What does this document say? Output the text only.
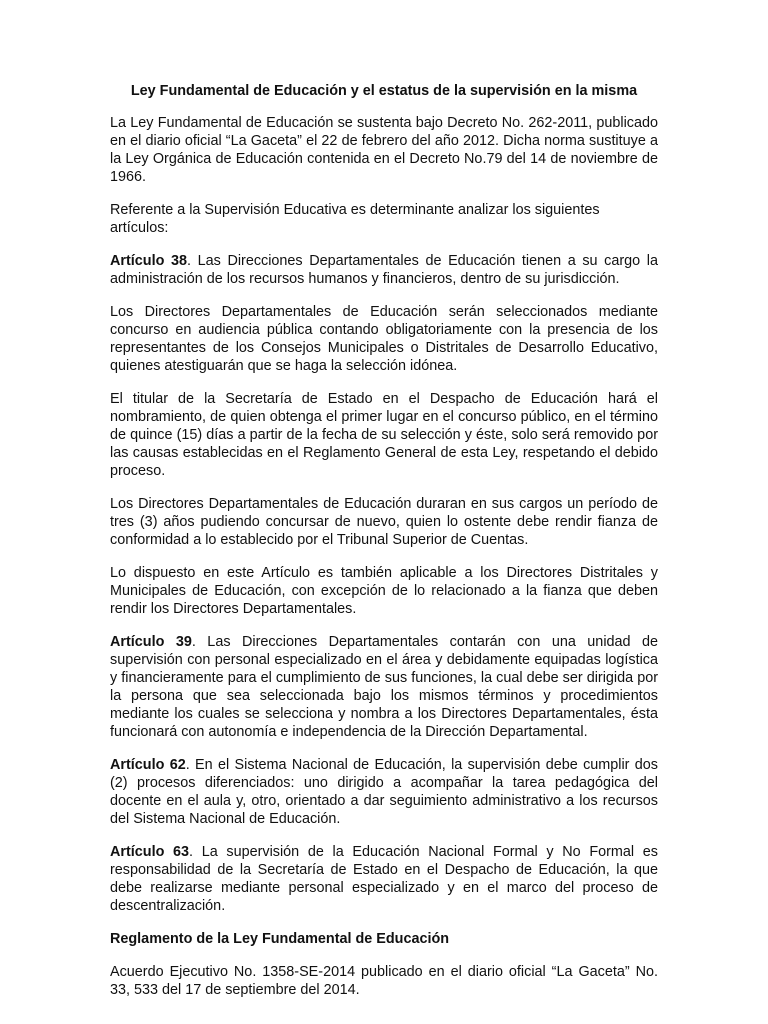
Ley Fundamental de Educación y el estatus de la supervisión en la misma

La Ley Fundamental de Educación se sustenta bajo Decreto No. 262-2011, publicado en el diario oficial “La Gaceta” el 22 de febrero del año 2012. Dicha norma sustituye a la Ley Orgánica de Educación contenida en el Decreto No.79 del 14 de noviembre de 1966.

Referente a la Supervisión Educativa es determinante analizar los siguientes artículos:

Artículo 38. Las Direcciones Departamentales de Educación tienen a su cargo la administración de los recursos humanos y financieros, dentro de su jurisdicción.

Los Directores Departamentales de Educación serán seleccionados mediante concurso en audiencia pública contando obligatoriamente con la presencia de los representantes de los Consejos Municipales o Distritales de Desarrollo Educativo, quienes atestiguarán que se haga la selección idónea.

El titular de la Secretaría de Estado en el Despacho de Educación hará el nombramiento, de quien obtenga el primer lugar en el concurso público, en el término de quince (15) días a partir de la fecha de su selección y éste, solo será removido por las causas establecidas en el Reglamento General de esta Ley, respetando el debido proceso.

Los Directores Departamentales de Educación duraran en sus cargos un período de tres (3) años pudiendo concursar de nuevo, quien lo ostente debe rendir fianza de conformidad a lo establecido por el Tribunal Superior de Cuentas.

Lo dispuesto en este Artículo es también aplicable a los Directores Distritales y Municipales de Educación, con excepción de lo relacionado a la fianza que deben rendir los Directores Departamentales.

Artículo 39. Las Direcciones Departamentales contarán con una unidad de supervisión con personal especializado en el área y debidamente equipadas logística y financieramente para el cumplimiento de sus funciones, la cual debe ser dirigida por la persona que sea seleccionada bajo los mismos términos y procedimientos mediante los cuales se selecciona y nombra a los Directores Departamentales, ésta funcionará con autonomía e independencia de la Dirección Departamental.

Artículo 62. En el Sistema Nacional de Educación, la supervisión debe cumplir dos (2) procesos diferenciados: uno dirigido a acompañar la tarea pedagógica del docente en el aula y, otro, orientado a dar seguimiento administrativo a los recursos del Sistema Nacional de Educación.

Artículo 63. La supervisión de la Educación Nacional Formal y No Formal es responsabilidad de la Secretaría de Estado en el Despacho de Educación, la que debe realizarse mediante personal especializado y en el marco del proceso de descentralización.

Reglamento de la Ley Fundamental de Educación

Acuerdo Ejecutivo No. 1358-SE-2014 publicado en el diario oficial “La Gaceta” No. 33, 533 del 17 de septiembre del 2014.
